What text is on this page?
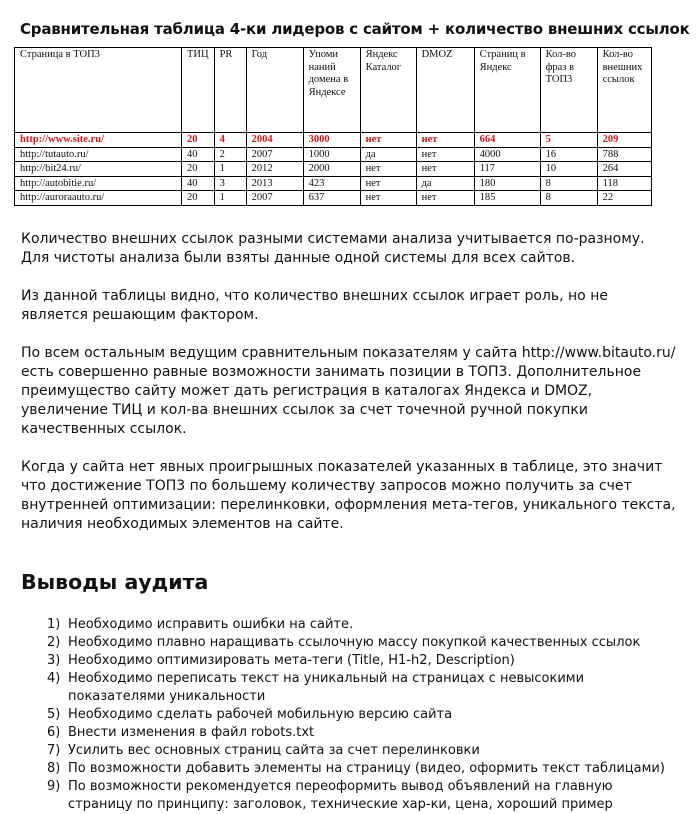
Сравнительная таблица 4-ки лидеров с сайтом + количество внешних ссылок
Страница в ТОП3	ТИЦ	PR	Год	Упоми наний домена в Яндексе	Яндекс Каталог	DMOZ	Страниц в Яндекс	Кол-во фраз в ТОП3	Кол-во внешних ссылок
http://www.site.ru/	20	4	2004	3000	нет	нет	664	5	209
http://tutauto.ru/	40	2	2007	1000	да	нет	4000	16	788
http://bit24.ru/	20	1	2012	2000	нет	нет	117	10	264
http://autobitie.ru/	40	3	2013	423	нет	да	180	8	118
http://auroraauto.ru/	20	1	2007	637	нет	нет	185	8	22

Количество внешних ссылок разными системами анализа учитывается по-разному. Для чистоты анализа были взяты данные одной системы для всех сайтов.

Из данной таблицы видно, что количество внешних ссылок играет роль, но не является решающим фактором.

По всем остальным ведущим сравнительным показателям у сайта http://www.bitauto.ru/ есть совершенно равные возможности занимать позиции в ТОП3. Дополнительное преимущество сайту может дать регистрация в каталогах Яндекса и DMOZ, увеличение ТИЦ и кол-ва внешних ссылок за счет точечной ручной покупки качественных ссылок.

Когда у сайта нет явных проигрышных показателей указанных в таблице, это значит что достижение ТОП3 по большему количеству запросов можно получить за счет внутренней оптимизации: перелинковки, оформления мета-тегов, уникального текста, наличия необходимых элементов на сайте.

Выводы аудита
1) Необходимо исправить ошибки на сайте.
2) Необходимо плавно наращивать ссылочную массу покупкой качественных ссылок
3) Необходимо оптимизировать мета-теги (Title, H1-h2, Description)
4) Необходимо переписать текст на уникальный на страницах с невысокими показателями уникальности
5) Необходимо сделать рабочей мобильную версию сайта
6) Внести изменения в файл robots.txt
7) Усилить вес основных страниц сайта за счет перелинковки
8) По возможности добавить элементы на страницу (видео, оформить текст таблицами)
9) По возможности рекомендуется переоформить вывод объявлений на главную страницу по принципу: заголовок, технические хар-ки, цена, хороший пример
